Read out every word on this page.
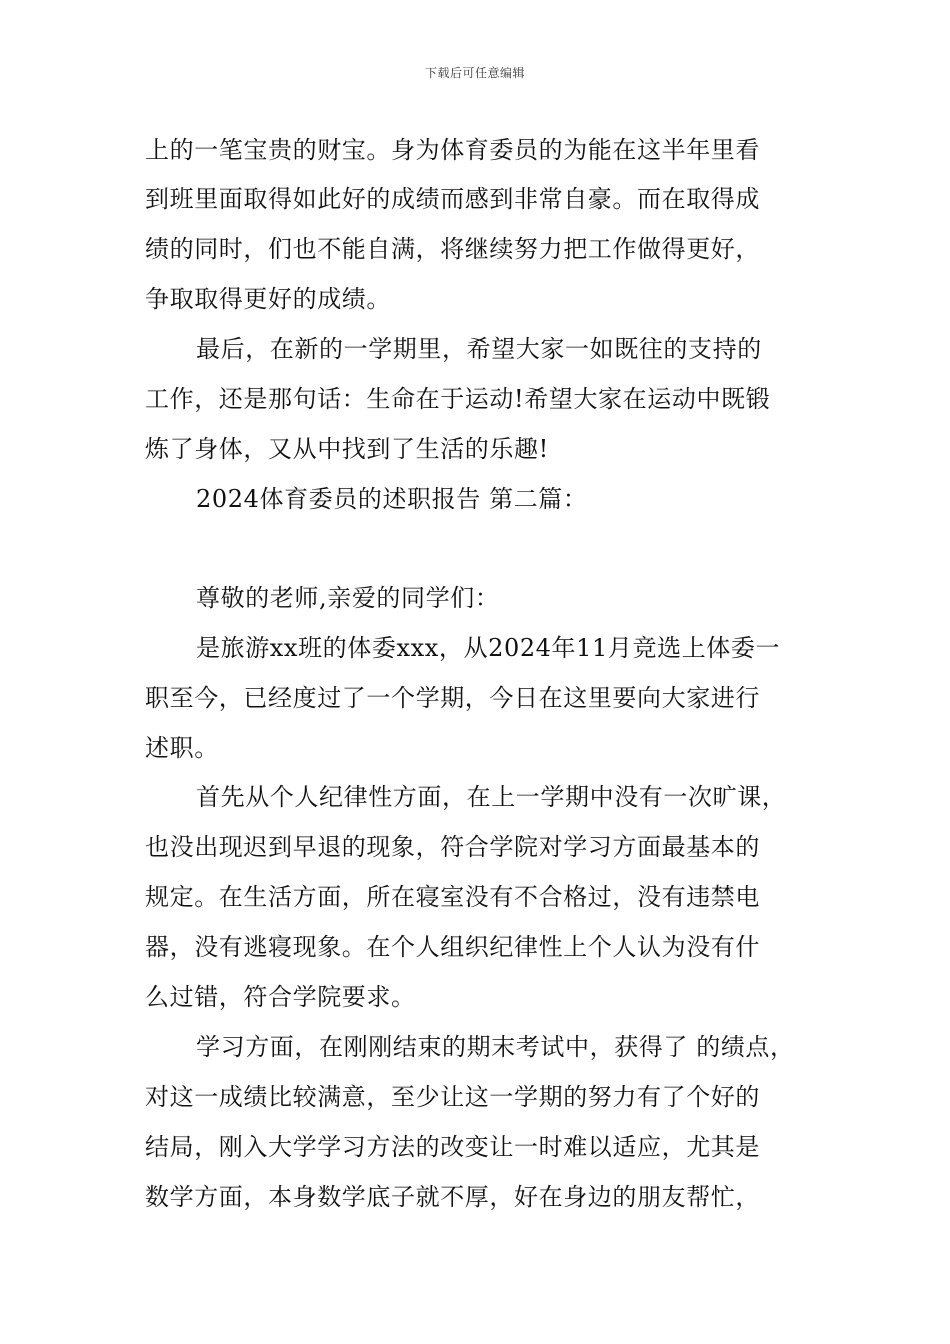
下载后可任意编辑
上的一笔宝贵的财宝。身为体育委员的为能在这半年里看
到班里面取得如此好的成绩而感到非常自豪。而在取得成
绩的同时，们也不能自满，将继续努力把工作做得更好，
争取取得更好的成绩。
最后，在新的一学期里，希望大家一如既往的支持的
工作，还是那句话：生命在于运动!希望大家在运动中既锻
炼了身体，又从中找到了生活的乐趣!
2024体育委员的述职报告 第二篇：
尊敬的老师,亲爱的同学们：
是旅游xx班的体委xxx，从2024年11月竞选上体委一
职至今，已经度过了一个学期，今日在这里要向大家进行
述职。
首先从个人纪律性方面，在上一学期中没有一次旷课，
也没出现迟到早退的现象，符合学院对学习方面最基本的
规定。在生活方面，所在寝室没有不合格过，没有违禁电
器，没有逃寝现象。在个人组织纪律性上个人认为没有什
么过错，符合学院要求。
学习方面，在刚刚结束的期末考试中，获得了 的绩点，
对这一成绩比较满意，至少让这一学期的努力有了个好的
结局，刚入大学学习方法的改变让一时难以适应，尤其是
数学方面，本身数学底子就不厚，好在身边的朋友帮忙，
